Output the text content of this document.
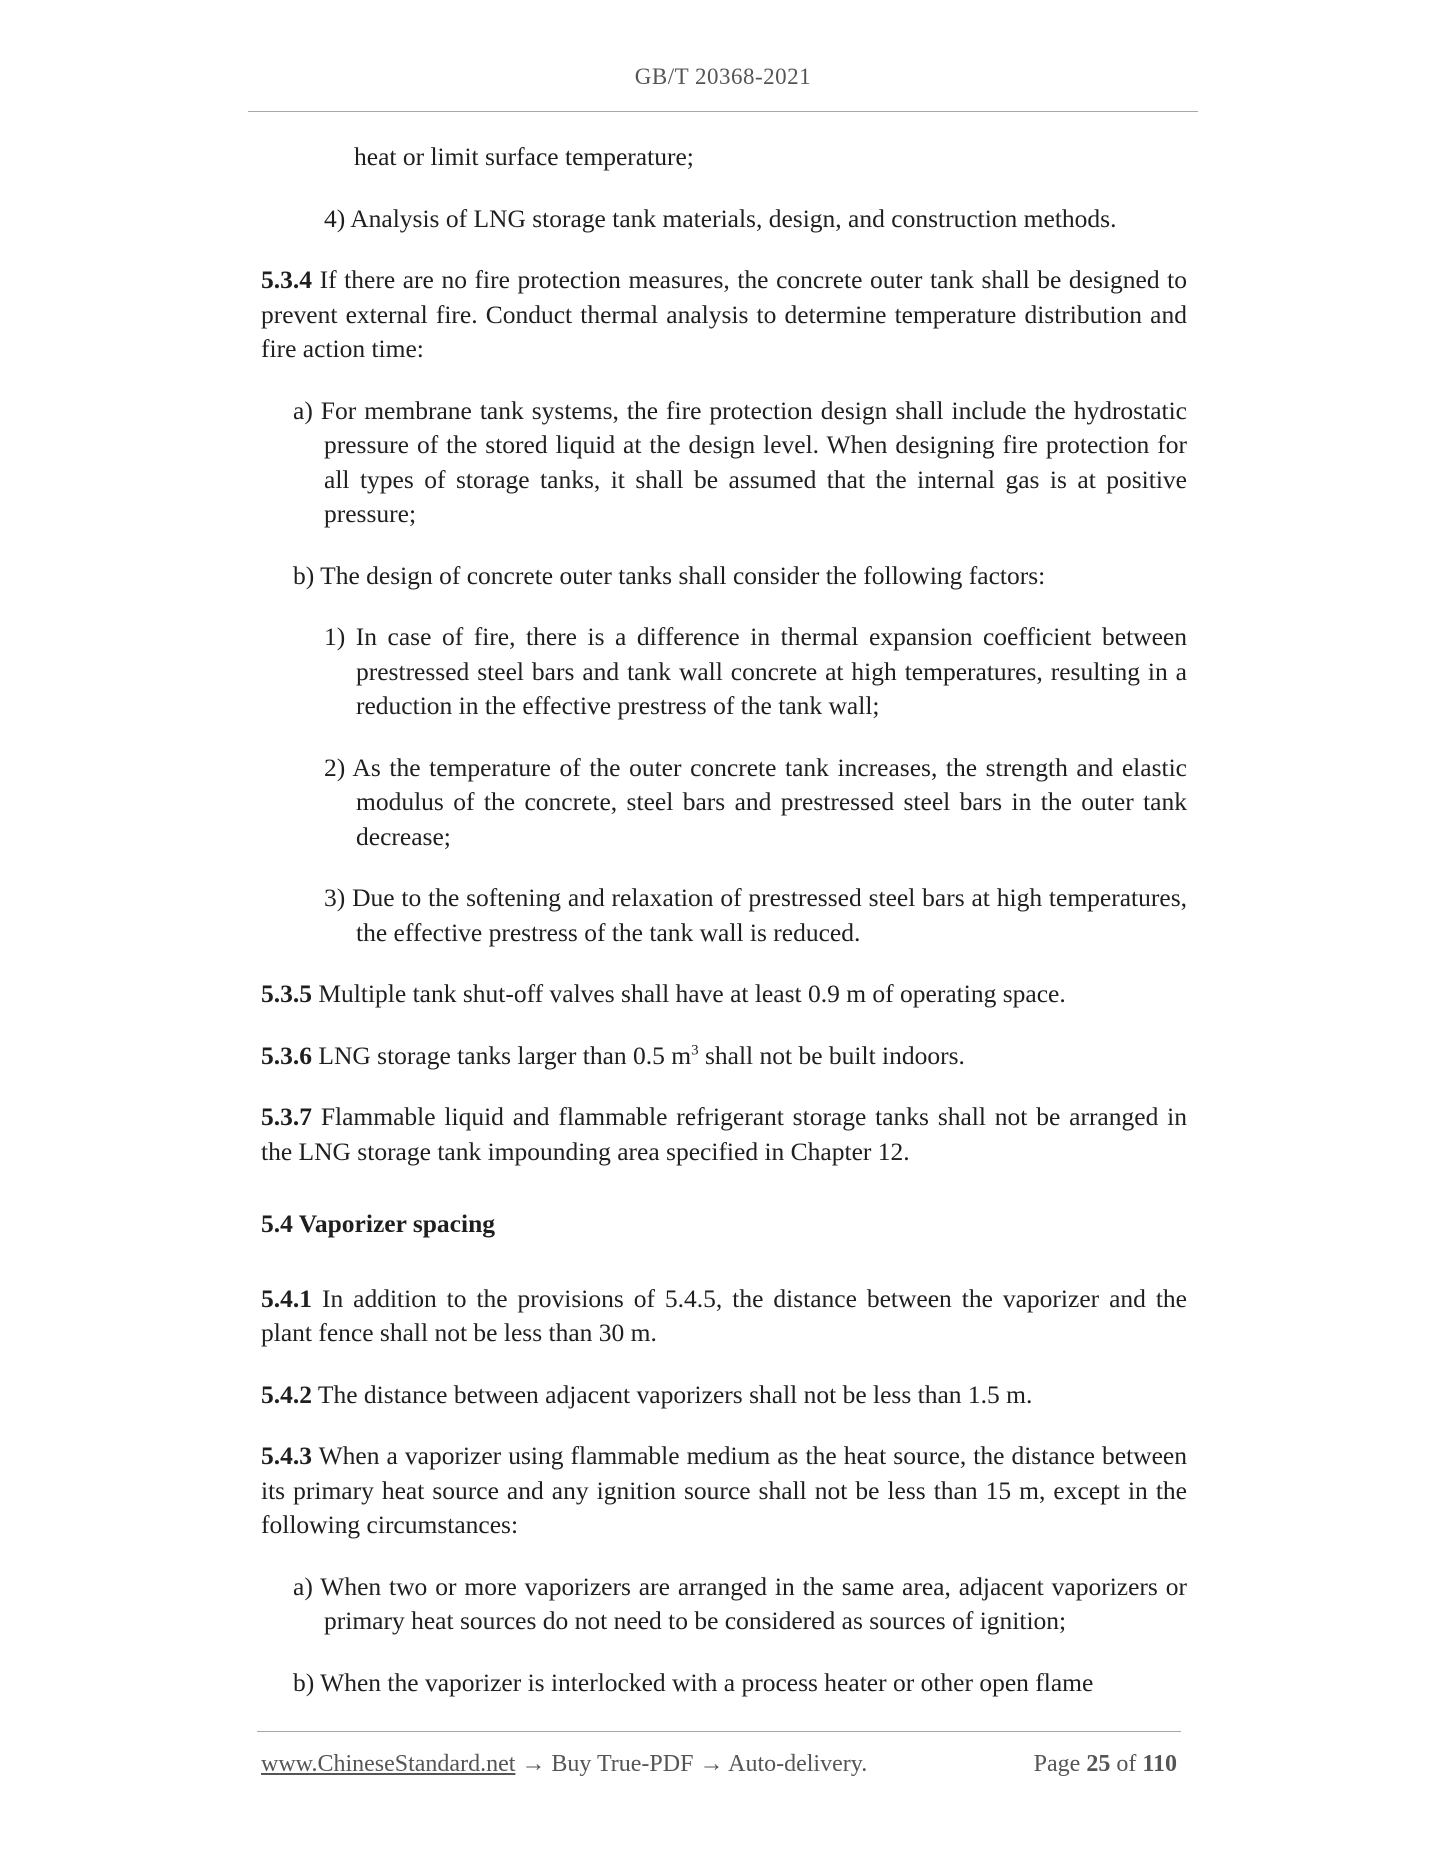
GB/T 20368-2021

heat or limit surface temperature;

4) Analysis of LNG storage tank materials, design, and construction methods.

5.3.4 If there are no fire protection measures, the concrete outer tank shall be designed to prevent external fire. Conduct thermal analysis to determine temperature distribution and fire action time:

a) For membrane tank systems, the fire protection design shall include the hydrostatic pressure of the stored liquid at the design level. When designing fire protection for all types of storage tanks, it shall be assumed that the internal gas is at positive pressure;

b) The design of concrete outer tanks shall consider the following factors:

1) In case of fire, there is a difference in thermal expansion coefficient between prestressed steel bars and tank wall concrete at high temperatures, resulting in a reduction in the effective prestress of the tank wall;

2) As the temperature of the outer concrete tank increases, the strength and elastic modulus of the concrete, steel bars and prestressed steel bars in the outer tank decrease;

3) Due to the softening and relaxation of prestressed steel bars at high temperatures, the effective prestress of the tank wall is reduced.

5.3.5 Multiple tank shut-off valves shall have at least 0.9 m of operating space.

5.3.6 LNG storage tanks larger than 0.5 $m^3$ shall not be built indoors.

5.3.7 Flammable liquid and flammable refrigerant storage tanks shall not be arranged in the LNG storage tank impounding area specified in Chapter 12.

5.4 Vaporizer spacing

5.4.1 In addition to the provisions of 5.4.5, the distance between the vaporizer and the plant fence shall not be less than 30 m.

5.4.2 The distance between adjacent vaporizers shall not be less than 1.5 m.

5.4.3 When a vaporizer using flammable medium as the heat source, the distance between its primary heat source and any ignition source shall not be less than 15 m, except in the following circumstances:

a) When two or more vaporizers are arranged in the same area, adjacent vaporizers or primary heat sources do not need to be considered as sources of ignition;

b) When the vaporizer is interlocked with a process heater or other open flame

www.ChineseStandard.net → Buy True-PDF → Auto-delivery.	Page 25 of 110
